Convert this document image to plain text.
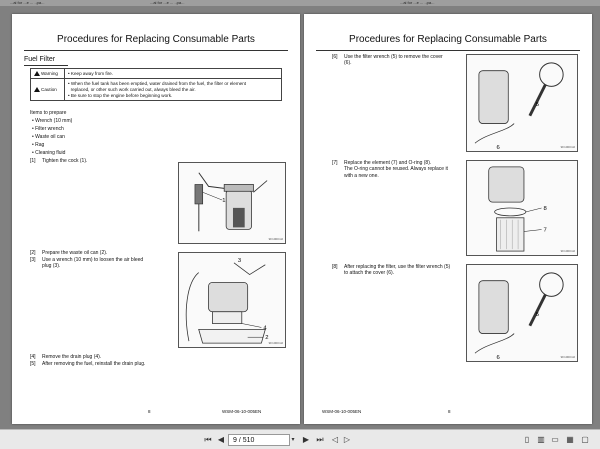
...ai for ...e ... ..pa...	...ai for ...e ... ..pa...	...ai for ...e ... ..pa...
Procedures for Replacing Consumable Parts
Fuel Filter
Warning	• Keep away from fire.
Caution	• When the fuel tank has been emptied, water drained from the fuel, the filter or element
replaced, or other such work carried out, always bleed the air.
• Be sure to stop the engine before beginning work.
Items to prepare
• Wrench (10 mm)
• Filter wrench
• Waste oil can
• Rag
• Cleaning fluid
[1] Tighten the cock (1).
1
9F1000m0
[2] Prepare the waste oil can (2).
[3] Use a wrench (10 mm) to loosen the air bleed
plug (3).
3
4
2
9F1000m0
[4] Remove the drain plug (4).
[5] After removing the fuel, reinstall the drain plug.
8	WSM-06-10-005EN
Procedures for Replacing Consumable Parts
[6] Use the filter wrench (5) to remove the cover
(6).
5
6	9F1000m0
[7] Replace the element (7) and O-ring (8).
The O-ring cannot be reused. Always replace it
with a new one.
8
7
9F1000m0
[8] After replacing the filter, use the filter wrench (5)
to attach the cover (6).
5
6	9F1000m0
WSM-06-10-005EN	8
⏮ ◀
9 / 510	▾	▶ ⏭	◁ ▷	▯	▥ ▭ ▦ ▢
